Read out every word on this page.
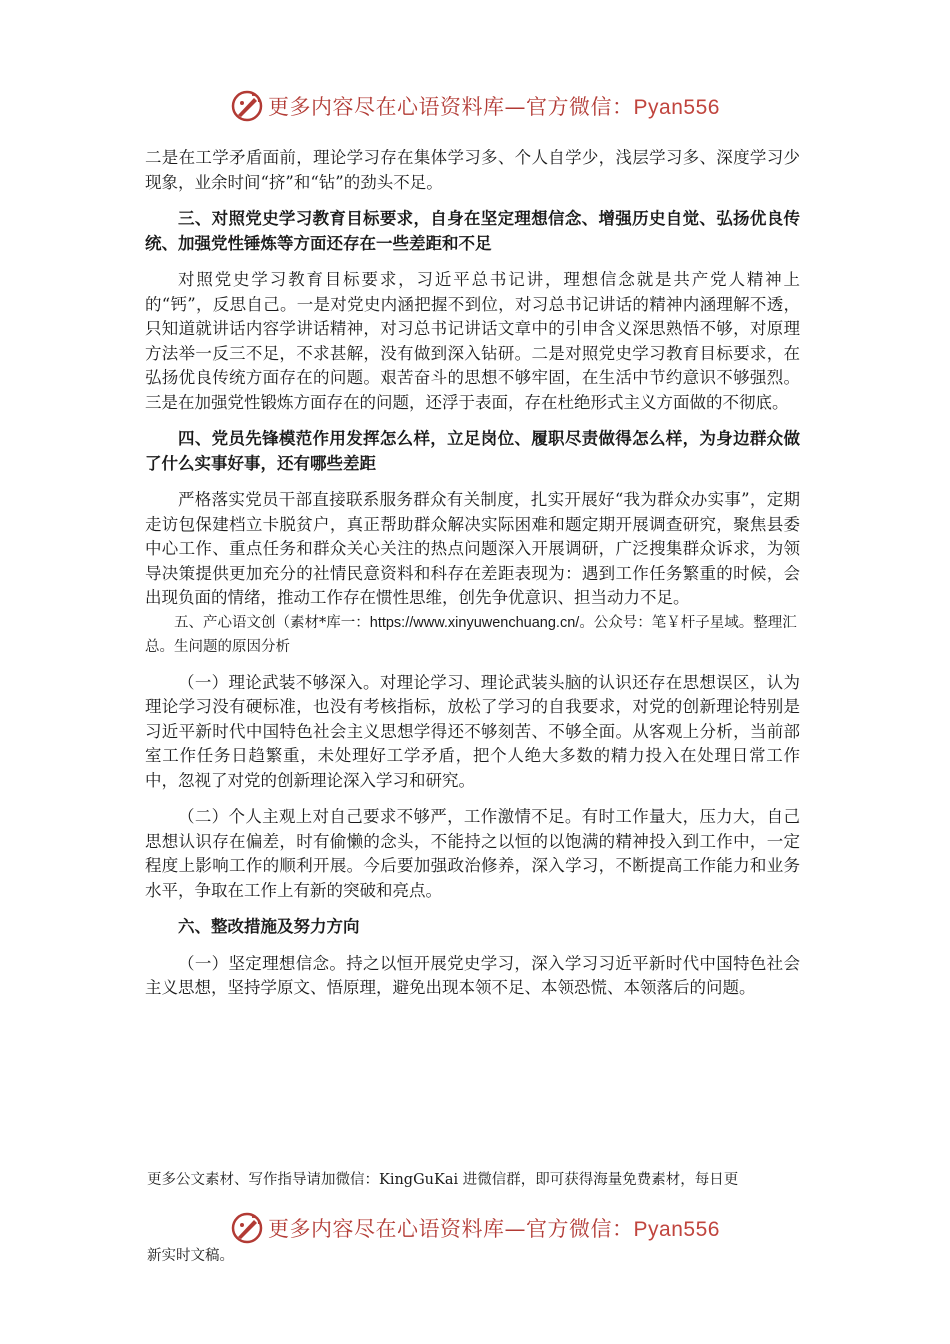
更多内容尽在心语资料库—官方微信：Pyan556

二是在工学矛盾面前，理论学习存在集体学习多、个人自学少，浅层学习多、深度学习少现象，业余时间“挤”和“钻”的劲头不足。

三、对照党史学习教育目标要求，自身在坚定理想信念、增强历史自觉、弘扬优良传统、加强党性锤炼等方面还存在一些差距和不足

对照党史学习教育目标要求，习近平总书记讲，理想信念就是共产党人精神上的“钙”，反思自己。一是对党史内涵把握不到位，对习总书记讲话的精神内涵理解不透，只知道就讲话内容学讲话精神，对习总书记讲话文章中的引申含义深思熟悟不够，对原理方法举一反三不足，不求甚解，没有做到深入钻研。二是对照党史学习教育目标要求，在弘扬优良传统方面存在的问题。艰苦奋斗的思想不够牢固，在生活中节约意识不够强烈。三是在加强党性锻炼方面存在的问题，还浮于表面，存在杜绝形式主义方面做的不彻底。

四、党员先锋模范作用发挥怎么样，立足岗位、履职尽责做得怎么样，为身边群众做了什么实事好事，还有哪些差距

严格落实党员干部直接联系服务群众有关制度，扎实开展好“我为群众办实事”，定期走访包保建档立卡脱贫户，真正帮助群众解决实际困难和题定期开展调查研究，聚焦县委中心工作、重点任务和群众关心关注的热点问题深入开展调研，广泛搜集群众诉求，为领导决策提供更加充分的社情民意资料和科存在差距表现为：遇到工作任务繁重的时候，会出现负面的情绪，推动工作存在惯性思维，创先争优意识、担当动力不足。

五、产心语文创（素材*库一：https://www.xinyuwenchuang.cn/。公众号：笔￥杆子星域。整理汇总。生问题的原因分析

（一）理论武装不够深入。对理论学习、理论武装头脑的认识还存在思想误区，认为理论学习没有硬标准，也没有考核指标，放松了学习的自我要求，对党的创新理论特别是习近平新时代中国特色社会主义思想学得还不够刻苦、不够全面。从客观上分析，当前部室工作任务日趋繁重，未处理好工学矛盾，把个人绝大多数的精力投入在处理日常工作中，忽视了对党的创新理论深入学习和研究。

（二）个人主观上对自己要求不够严，工作激情不足。有时工作量大，压力大，自己思想认识存在偏差，时有偷懒的念头，不能持之以恒的以饱满的精神投入到工作中，一定程度上影响工作的顺利开展。今后要加强政治修养，深入学习，不断提高工作能力和业务水平，争取在工作上有新的突破和亮点。

六、整改措施及努力方向

（一）坚定理想信念。持之以恒开展党史学习，深入学习习近平新时代中国特色社会主义思想，坚持学原文、悟原理，避免出现本领不足、本领恐慌、本领落后的问题。

更多公文素材、写作指导请加微信：KingGuKai 进微信群，即可获得海量免费素材，每日更

更多内容尽在心语资料库—官方微信：Pyan556

新实时文稿。
